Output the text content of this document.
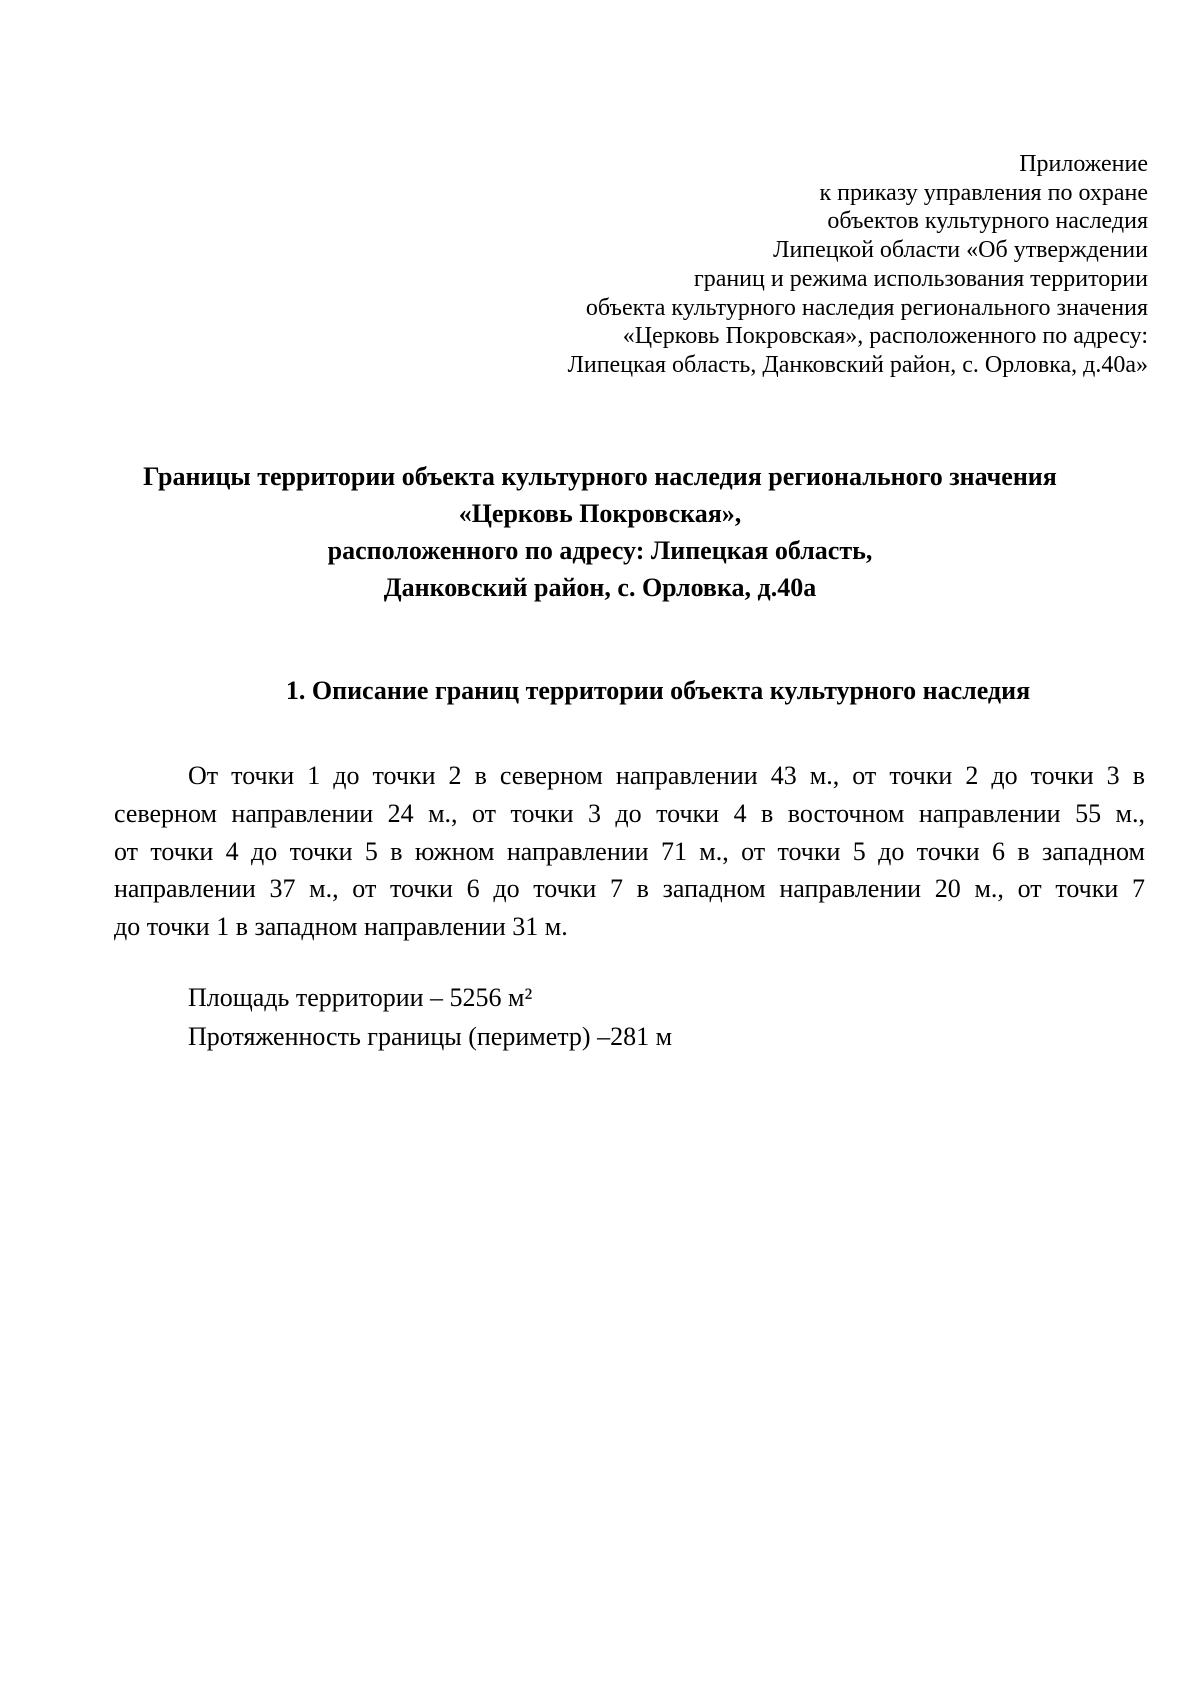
Приложение
к приказу управления по охране
объектов культурного наследия
Липецкой области «Об утверждении
границ и режима использования территории
объекта культурного наследия регионального значения
«Церковь Покровская», расположенного по адресу:
Липецкая область, Данковский район, с. Орловка, д.40а»
Границы территории объекта культурного наследия регионального значения
«Церковь Покровская»,
расположенного по адресу: Липецкая область,
Данковский район, с. Орловка, д.40а
1. Описание границ территории объекта культурного наследия
От точки 1 до точки 2 в северном направлении 43 м., от точки 2 до точки 3 в
северном направлении 24 м., от точки 3 до точки 4 в восточном направлении 55 м.,
от точки 4 до точки 5 в южном направлении 71 м., от точки 5 до точки 6 в западном
направлении 37 м., от точки 6 до точки 7 в западном направлении 20 м., от точки 7
до точки 1 в западном направлении 31 м.
Площадь территории – 5256 м²
Протяженность границы (периметр) –281 м
